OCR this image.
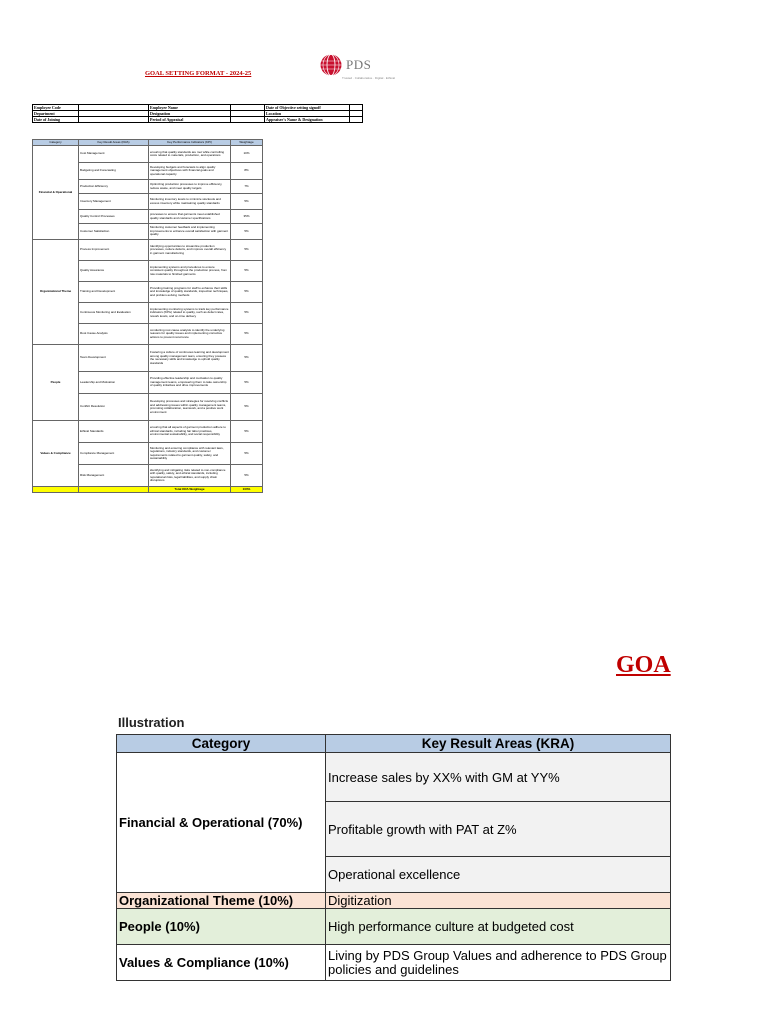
GOAL SETTING FORMAT - 2024-25
PDS
Trusted · Collaborative · Digital · Ethical
Employee Code		Employee Name		Date of Objective setting signoff	
Department		Designation		Location	
Date of Joining		Period of Appraisal		Appraiser's Name & Designation	
Category	Key Result Areas (KRA)	Key Performance Indicators (KPI)	Weightage
Financial & Operational	Cost Management	ensuring that quality standards are met while controlling costs related to materials, production, and operations	10%
	Budgeting and Forecasting	Developing budgets and forecasts to align quality management objectives with financial goals and operational capacity	8%
	Production Efficiency	Optimizing production processes to improve efficiency, reduce waste, and meet quality targets	7%
	Inventory Management	Monitoring inventory levels to minimize stockouts and excess inventory while maintaining quality standards	5%
	Quality Control Processes	processes to ensure that garments meet established quality standards and customer specifications	35%
	Customer Satisfaction	Monitoring customer feedback and implementing improvements to enhance overall satisfaction with garment quality	5%
Organizational Theme	Process Improvement	Identifying opportunities to streamline production processes, reduce defects, and improve overall efficiency in garment manufacturing	5%
	Quality Assurance	implementing systems and procedures to ensure consistent quality throughout the production process, from raw materials to finished garments	5%
	Training and Development	Providing training programs for staff to enhance their skills and knowledge of quality standards, inspection techniques, and problem-solving methods	5%
	Continuous Monitoring and Evaluation	implementing monitoring systems to track key performance indicators (KPIs) related to quality, such as defect rates, rework levels, and on-time delivery	5%
	Root Cause Analysis	conducting root cause analysis to identify the underlying reasons for quality issues and implementing corrective actions to prevent recurrence	5%
People	Team Development	Fostering a culture of continuous learning and development among quality management team, ensuring they possess the necessary skills and knowledge to uphold quality standards	5%
	Leadership and Motivation	Providing effective leadership and motivation to quality management teams, empowering them to take ownership of quality initiatives and drive improvements	5%
	Conflict Resolution	Developing processes and strategies for resolving conflicts and addressing issues within quality management teams, promoting collaboration, teamwork, and a positive work environment	5%
Values & Compliance	Ethical Standards	ensuring that all aspects of garment production adhere to ethical standards, including fair labor practices, environmental sustainability, and social responsibility	5%
	Compliance Management	Monitoring and ensuring compliance with relevant laws, regulations, industry standards, and customer requirements related to garment quality, safety, and sustainability	5%
	Risk Management	identifying and mitigating risks related to non-compliance with quality, safety, and ethical standards, including reputational risks, legal liabilities, and supply chain disruptions	5%
		Total KRA Weightage	100%
GOA
Illustration
Category	Key Result Areas (KRA)
Financial & Operational (70%)	Increase sales by XX% with GM at YY%
	Profitable growth with PAT at Z%
	Operational excellence
Organizational Theme (10%)	Digitization
People (10%)	High performance culture at budgeted cost
Values & Compliance (10%)	Living by PDS Group Values and adherence to PDS Group policies and guidelines
